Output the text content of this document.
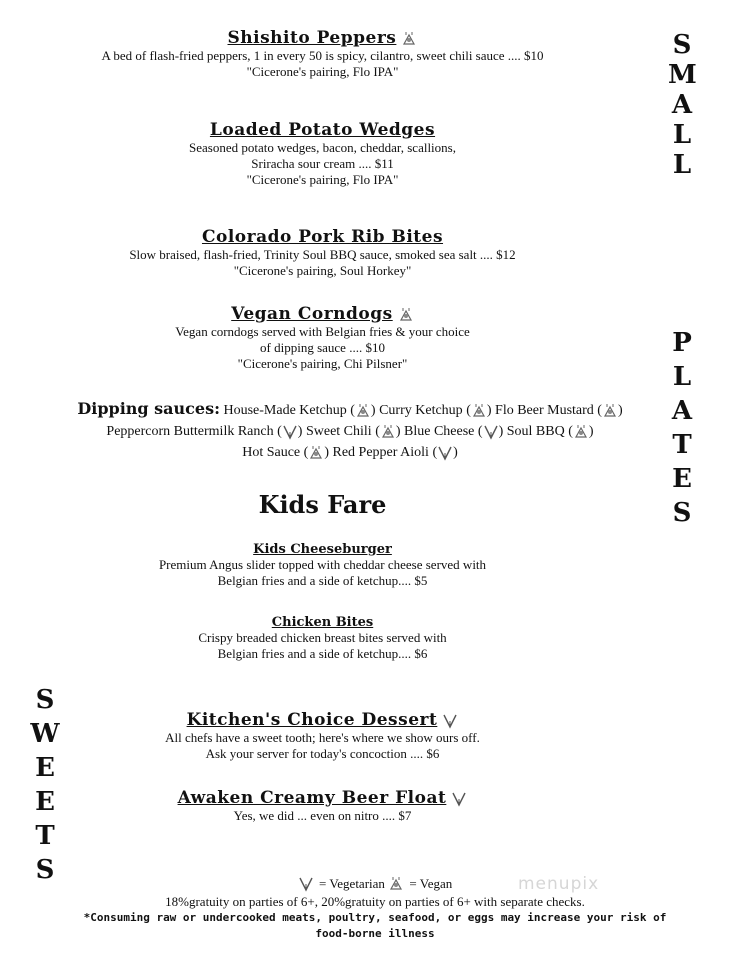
S
M
A
L
L
P
L
A
T
E
S
S
W
E
E
T
S
Shishito Peppers
A bed of flash-fried peppers, 1 in every 50 is spicy, cilantro, sweet chili sauce .... $10
"Cicerone's pairing, Flo IPA"
Loaded Potato Wedges
Seasoned potato wedges, bacon, cheddar, scallions,
Sriracha sour cream .... $11
"Cicerone's pairing, Flo IPA"
Colorado Pork Rib Bites
Slow braised, flash-fried, Trinity Soul BBQ sauce, smoked sea salt .... $12
"Cicerone's pairing, Soul Horkey"
Vegan Corndogs
Vegan corndogs served with Belgian fries & your choice
of dipping sauce .... $10
"Cicerone's pairing, Chi Pilsner"
Dipping sauces: House-Made Ketchup ( ) Curry Ketchup ( ) Flo Beer Mustard ( )
Peppercorn Buttermilk Ranch ( ) Sweet Chili ( ) Blue Cheese ( ) Soul BBQ ( )
Hot Sauce ( ) Red Pepper Aioli ( )
Kids Fare
Kids Cheeseburger
Premium Angus slider topped with cheddar cheese served with
Belgian fries and a side of ketchup.... $5
Chicken Bites
Crispy breaded chicken breast bites served with
Belgian fries and a side of ketchup.... $6
Kitchen's Choice Dessert
All chefs have a sweet tooth; here's where we show ours off.
Ask your server for today's concoction .... $6
Awaken Creamy Beer Float
Yes, we did ... even on nitro .... $7
menupix
= Vegetarian = Vegan
18%gratuity on parties of 6+, 20%gratuity on parties of 6+ with separate checks.
*Consuming raw or undercooked meats, poultry, seafood, or eggs may increase your risk of
food-borne illness
